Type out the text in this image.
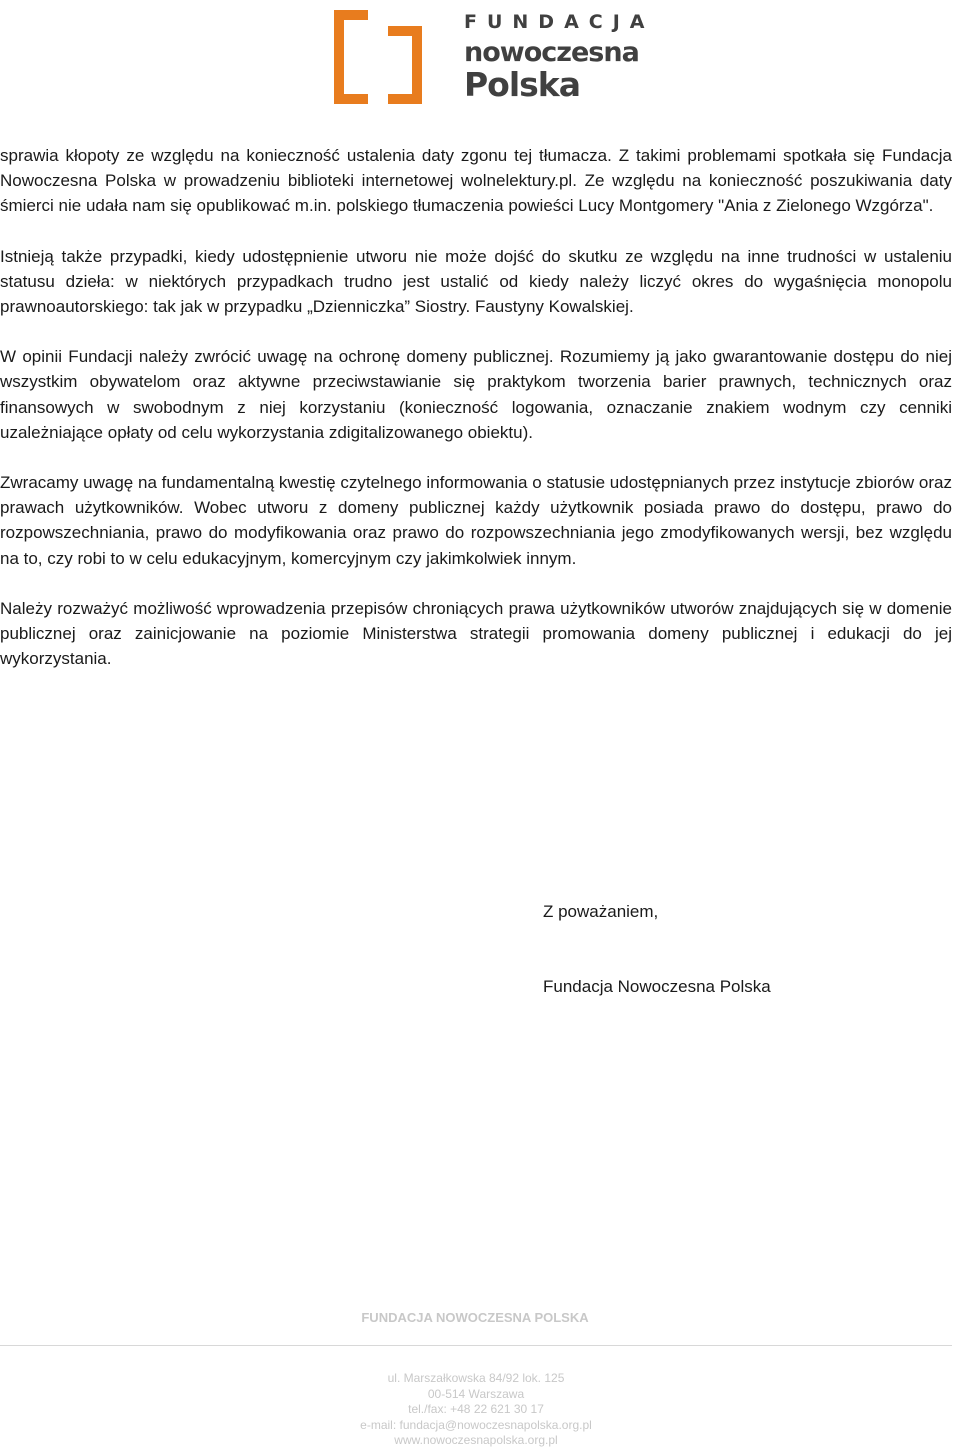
FUNDACJA

nowoczesna

Polska

sprawia kłopoty ze względu na konieczność ustalenia daty zgonu tej tłumacza. Z takimi problemami spotkała się Fundacja Nowoczesna Polska w prowadzeniu biblioteki internetowej wolnelektury.pl. Ze względu na konieczność poszukiwania daty śmierci nie udała nam się opublikować m.in. polskiego tłumaczenia powieści Lucy Montgomery "Ania z Zielonego Wzgórza".

Istnieją także przypadki, kiedy udostępnienie utworu nie może dojść do skutku ze względu na inne trudności w ustaleniu statusu dzieła: w niektórych przypadkach trudno jest ustalić od kiedy należy liczyć okres do wygaśnięcia monopolu prawnoautorskiego: tak jak w przypadku „Dzienniczka” Siostry. Faustyny Kowalskiej.

W opinii Fundacji należy zwrócić uwagę na ochronę domeny publicznej. Rozumiemy ją jako gwarantowanie dostępu do niej wszystkim obywatelom oraz aktywne przeciwstawianie się praktykom tworzenia barier prawnych, technicznych oraz finansowych w swobodnym z niej korzystaniu (konieczność logowania, oznaczanie znakiem wodnym czy cenniki uzależniające opłaty od celu wykorzystania zdigitalizowanego obiektu).

Zwracamy uwagę na fundamentalną kwestię czytelnego informowania o statusie udostępnianych przez instytucje zbiorów oraz prawach użytkowników. Wobec utworu z domeny publicznej każdy użytkownik posiada prawo do dostępu, prawo do rozpowszechniania, prawo do modyfikowania oraz prawo do rozpowszechniania jego zmodyfikowanych wersji, bez względu na to, czy robi to w celu edukacyjnym, komercyjnym czy jakimkolwiek innym.

Należy rozważyć możliwość wprowadzenia przepisów chroniących prawa użytkowników utworów znajdujących się w domenie publicznej oraz zainicjowanie na poziomie Ministerstwa strategii promowania domeny publicznej i edukacji do jej wykorzystania.

Z poważaniem,

Fundacja Nowoczesna Polska

FUNDACJA NOWOCZESNA POLSKA
ul. Marszałkowska 84/92 lok. 125
00-514 Warszawa
tel./fax: +48 22 621 30 17
e-mail: fundacja@nowoczesnapolska.org.pl
www.nowoczesnapolska.org.pl
